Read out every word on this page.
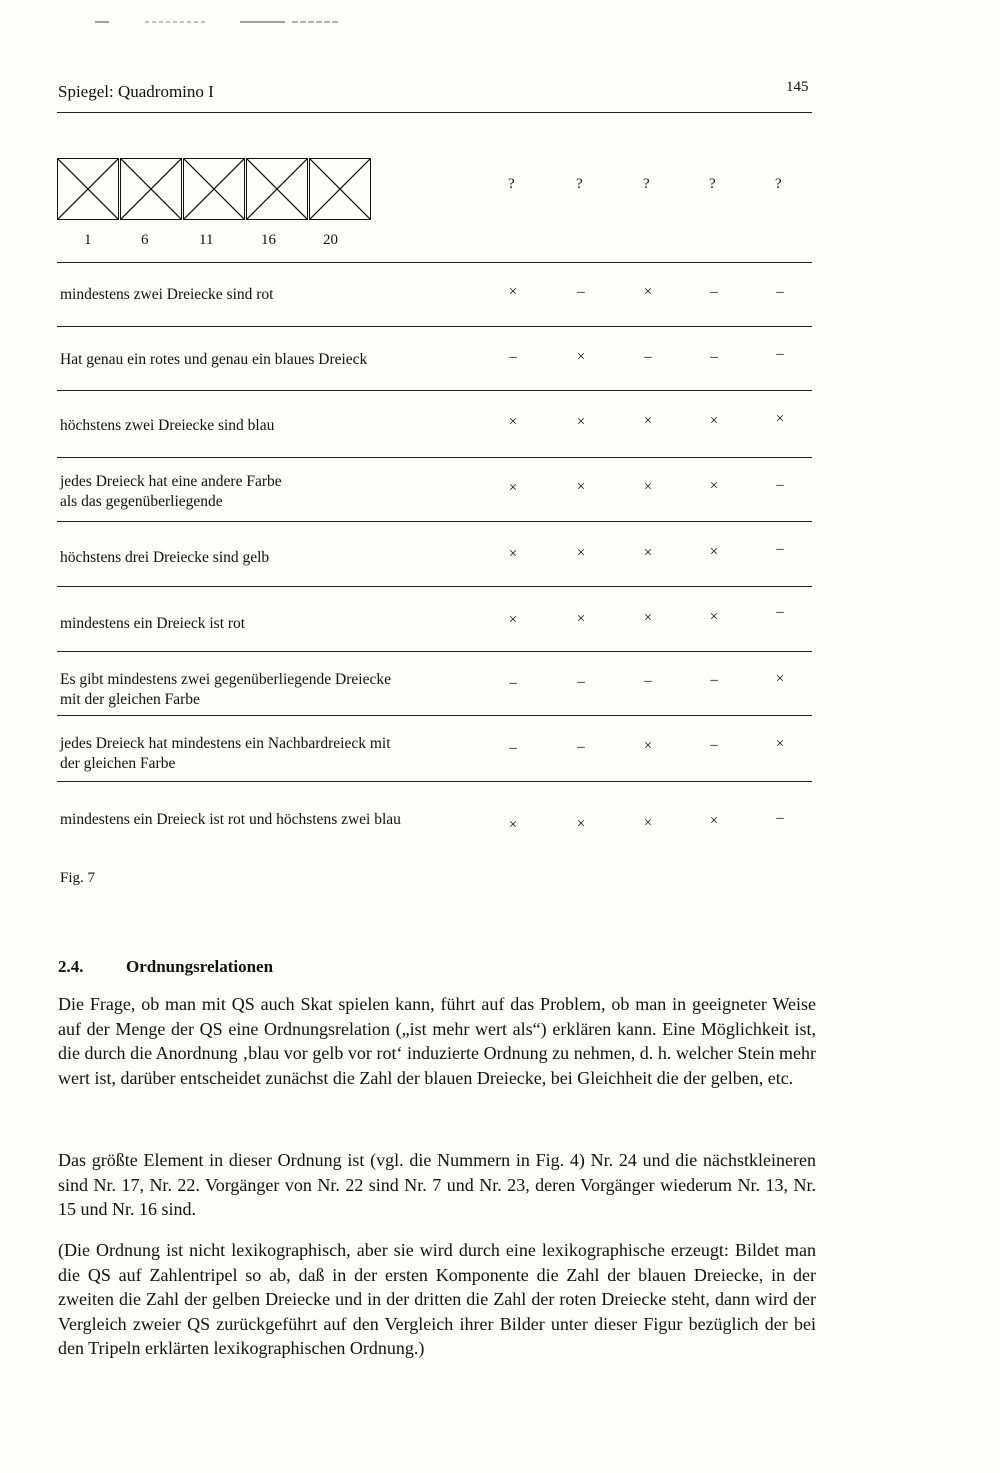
Spiegel: Quadromino I	145
1	6	11	16	20
?	?	?	?	?
mindestens zwei Dreiecke sind rot	×	–	×	–	–
Hat genau ein rotes und genau ein blaues Dreieck	–	×	–	–	–
höchstens zwei Dreiecke sind blau	×	×	×	×	×
jedes Dreieck hat eine andere Farbe
als das gegenüberliegende
×	×	×	×	–
höchstens drei Dreiecke sind gelb	×	×	×	×	–
mindestens ein Dreieck ist rot	×	×	×	×	–
Es gibt mindestens zwei gegenüberliegende Dreiecke
mit der gleichen Farbe
–	–	–	–	×
jedes Dreieck hat mindestens ein Nachbardreieck mit
der gleichen Farbe
–	–	×	–	×
mindestens ein Dreieck ist rot und höchstens zwei blau	×	×	×	×	–
Fig. 7
2.4.	Ordnungsrelationen

Die Frage, ob man mit QS auch Skat spielen kann, führt auf das Problem, ob man in geeigneter Weise auf der Menge der QS eine Ordnungsrelation („ist mehr wert als“) erklären kann. Eine Möglichkeit ist, die durch die Anordnung ‚blau vor gelb vor rot‘ induzierte Ordnung zu nehmen, d. h. welcher Stein mehr wert ist, darüber entscheidet zunächst die Zahl der blauen Dreiecke, bei Gleichheit die der gelben, etc.

Das größte Element in dieser Ordnung ist (vgl. die Nummern in Fig. 4) Nr. 24 und die nächstkleineren sind Nr. 17, Nr. 22. Vorgänger von Nr. 22 sind Nr. 7 und Nr. 23, deren Vorgänger wiederum Nr. 13, Nr. 15 und Nr. 16 sind.

(Die Ordnung ist nicht lexikographisch, aber sie wird durch eine lexikographische erzeugt: Bildet man die QS auf Zahlentripel so ab, daß in der ersten Komponente die Zahl der blauen Dreiecke, in der zweiten die Zahl der gelben Dreiecke und in der dritten die Zahl der roten Dreiecke steht, dann wird der Vergleich zweier QS zurückgeführt auf den Vergleich ihrer Bilder unter dieser Figur bezüglich der bei den Tripeln erklärten lexikographischen Ordnung.)
